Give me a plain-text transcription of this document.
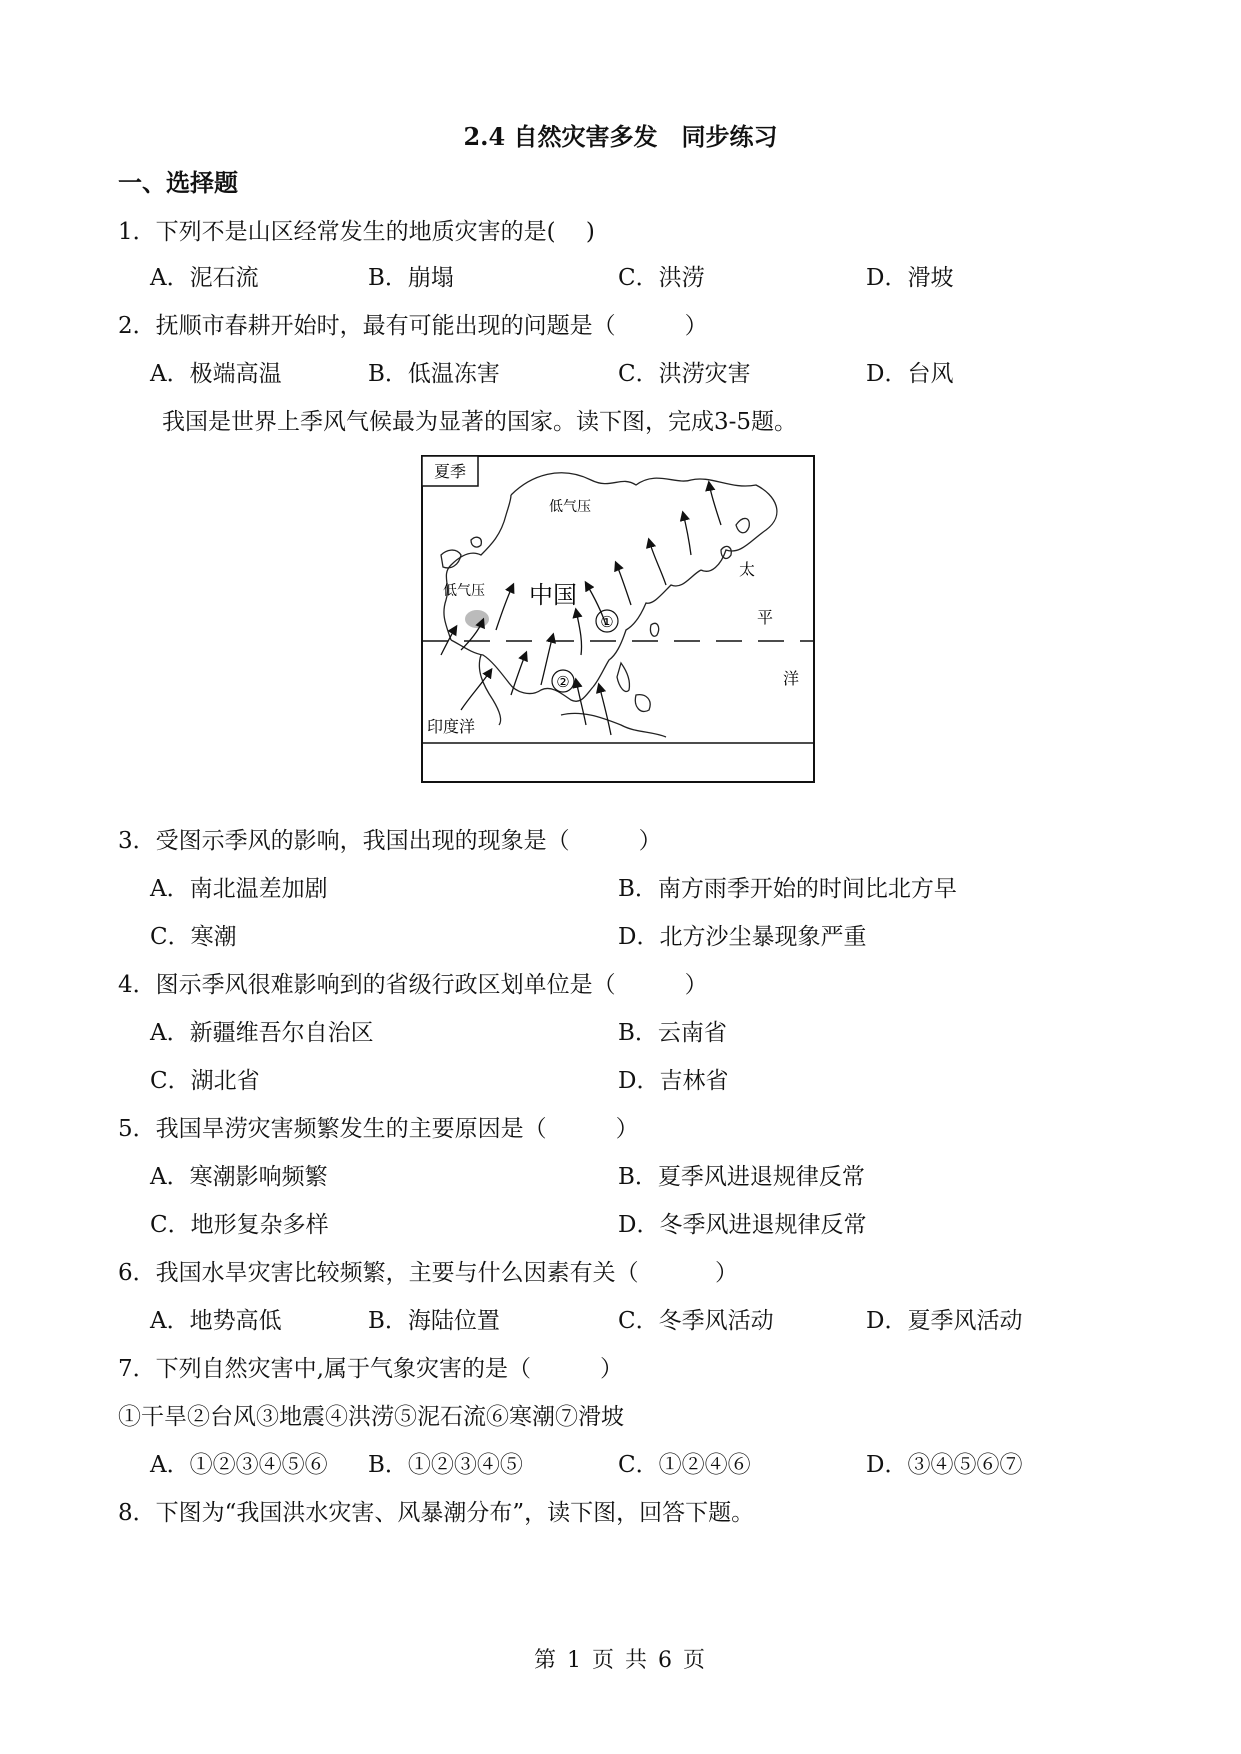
2.4 自然灾害多发　同步练习
一、选择题
1．下列不是山区经常发生的地质灾害的是(　 )
A．泥石流	B．崩塌	C．洪涝	D．滑坡
2．抚顺市春耕开始时，最有可能出现的问题是（　　　）
A．极端高温	B．低温冻害	C．洪涝灾害	D．台风
我国是世界上季风气候最为显著的国家。读下图，完成3-5题。
夏季
低气压
低气压 中国
①
②
太
平
洋
印度洋
3．受图示季风的影响，我国出现的现象是（　　　）
A．南北温差加剧	B．南方雨季开始的时间比北方早
C．寒潮	D．北方沙尘暴现象严重
4．图示季风很难影响到的省级行政区划单位是（　　　）
A．新疆维吾尔自治区	B．云南省
C．湖北省	D．吉林省
5．我国旱涝灾害频繁发生的主要原因是（　　　）
A．寒潮影响频繁	B．夏季风进退规律反常
C．地形复杂多样	D．冬季风进退规律反常
6．我国水旱灾害比较频繁，主要与什么因素有关（　　　 ）
A．地势高低	B．海陆位置	C．冬季风活动	D．夏季风活动
7．下列自然灾害中,属于气象灾害的是（　　　）
①干旱②台风③地震④洪涝⑤泥石流⑥寒潮⑦滑坡
A．①②③④⑤⑥ B．①②③④⑤	C．①②④⑥	D．③④⑤⑥⑦
8．下图为“我国洪水灾害、风暴潮分布”，读下图，回答下题。
第 1 页 共 6 页
